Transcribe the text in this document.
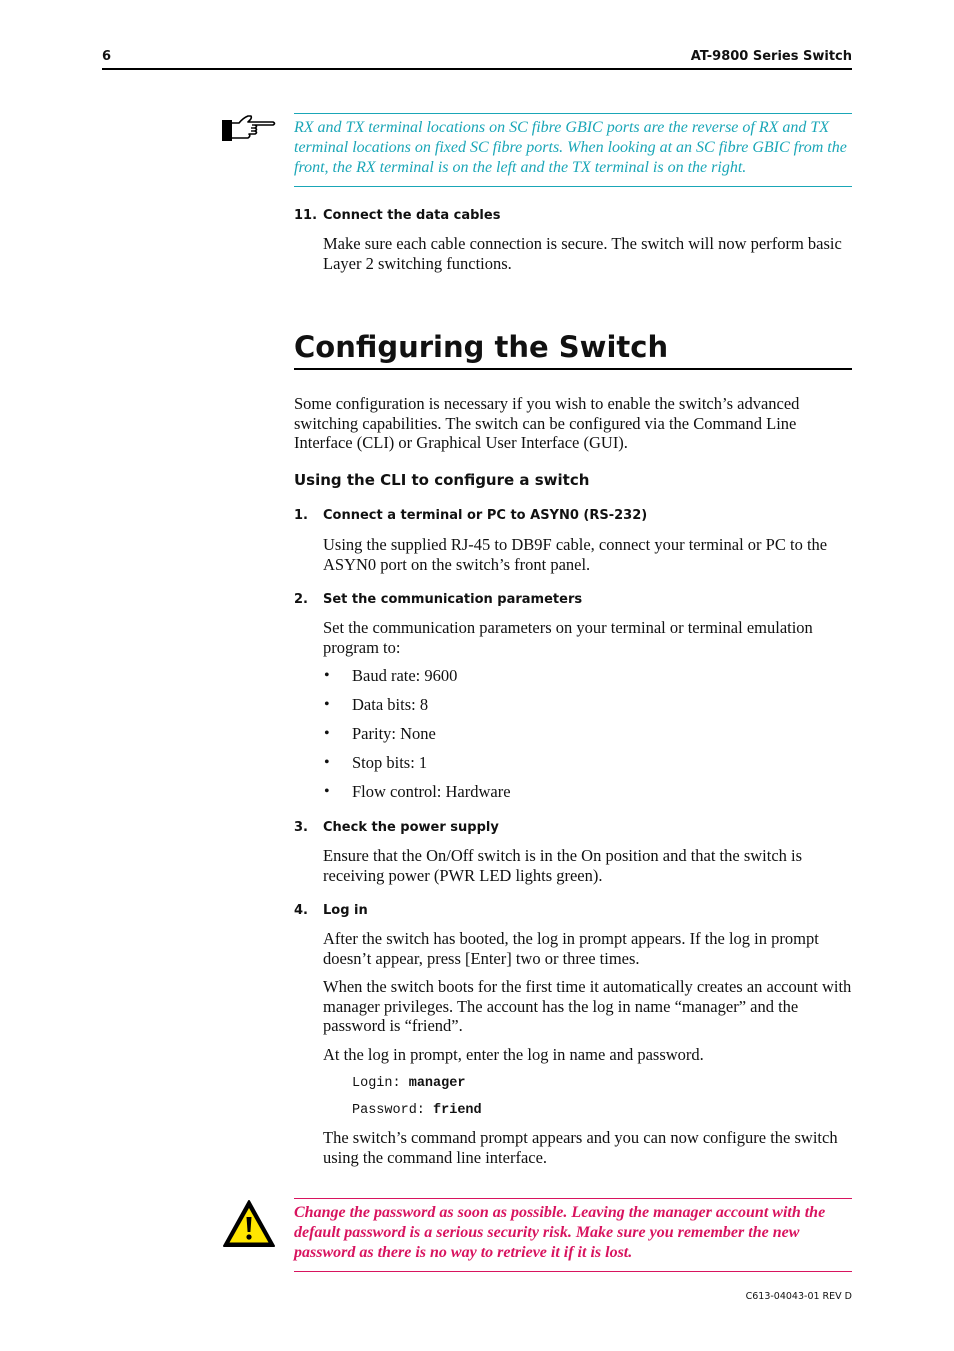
6	AT-9800 Series Switch
RX and TX terminal locations on SC fibre GBIC ports are the reverse of RX and TX terminal locations on fixed SC fibre ports. When looking at an SC fibre GBIC from the front, the RX terminal is on the left and the TX terminal is on the right.
11. Connect the data cables
Make sure each cable connection is secure. The switch will now perform basic Layer 2 switching functions.
Configuring the Switch
Some configuration is necessary if you wish to enable the switch’s advanced switching capabilities. The switch can be configured via the Command Line Interface (CLI) or Graphical User Interface (GUI).
Using the CLI to configure a switch
1. Connect a terminal or PC to ASYN0 (RS-232)
Using the supplied RJ-45 to DB9F cable, connect your terminal or PC to the ASYN0 port on the switch’s front panel.
2. Set the communication parameters
Set the communication parameters on your terminal or terminal emulation program to:
• Baud rate: 9600
• Data bits: 8
• Parity: None
• Stop bits: 1
• Flow control: Hardware
3. Check the power supply
Ensure that the On/Off switch is in the On position and that the switch is receiving power (PWR LED lights green).
4. Log in
After the switch has booted, the log in prompt appears. If the log in prompt doesn’t appear, press [Enter] two or three times.
When the switch boots for the first time it automatically creates an account with manager privileges. The account has the log in name “manager” and the password is “friend”.
At the log in prompt, enter the log in name and password.
Login: manager
Password: friend
The switch’s command prompt appears and you can now configure the switch using the command line interface.
Change the password as soon as possible. Leaving the manager account with the default password is a serious security risk. Make sure you remember the new password as there is no way to retrieve it if it is lost.
C613-04043-01 REV D
